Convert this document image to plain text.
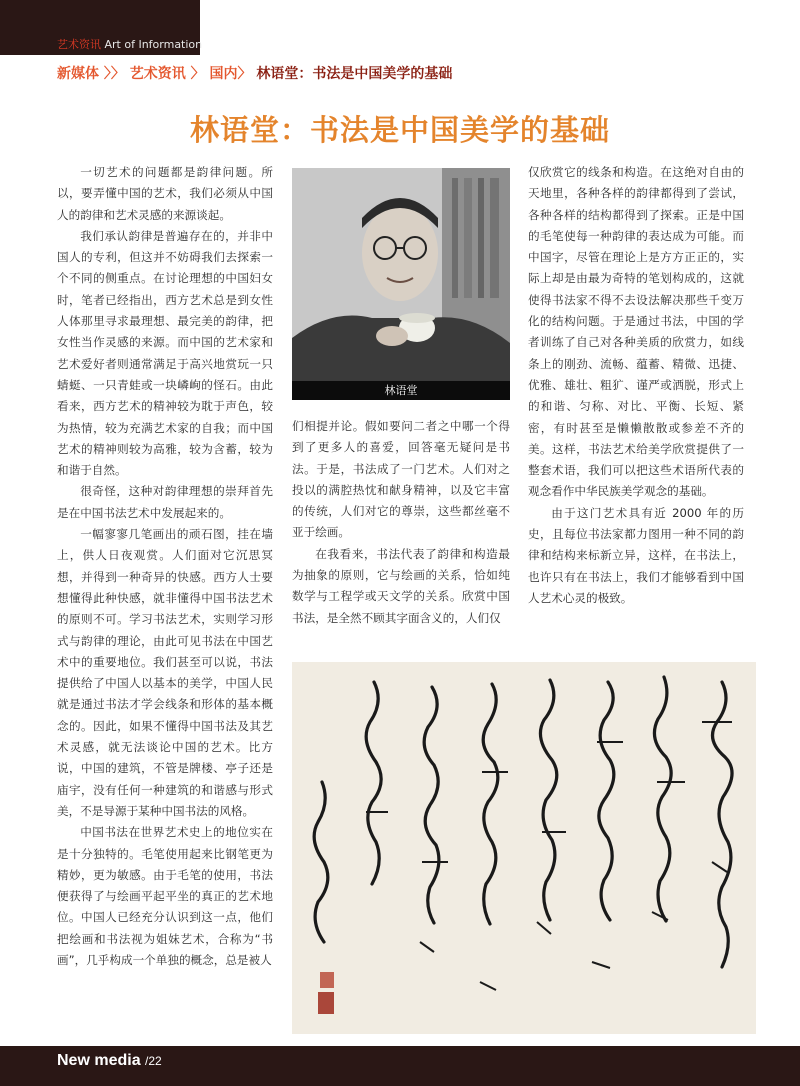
艺术资讯 Art of Information
新媒体 〉〉 艺术资讯 〉 国内〉 林语堂：书法是中国美学的基础
林语堂：书法是中国美学的基础

一切艺术的问题都是韵律问题。所以，要弄懂中国的艺术，我们必须从中国人的韵律和艺术灵感的来源谈起。

我们承认韵律是普遍存在的，并非中国人的专利，但这并不妨碍我们去探索一个不同的侧重点。在讨论理想的中国妇女时，笔者已经指出，西方艺术总是到女性人体那里寻求最理想、最完美的韵律，把女性当作灵感的来源。而中国的艺术家和艺术爱好者则通常满足于高兴地赏玩一只蜻蜓、一只青蛙或一块嶙峋的怪石。由此看来，西方艺术的精神较为耽于声色，较为热情，较为充满艺术家的自我；而中国艺术的精神则较为高雅，较为含蓄，较为和谐于自然。

很奇怪，这种对韵律理想的崇拜首先是在中国书法艺术中发展起来的。

一幅寥寥几笔画出的顽石图，挂在墙上，供人日夜观赏。人们面对它沉思冥想，并得到一种奇异的快感。西方人士要想懂得此种快感，就非懂得中国书法艺术的原则不可。学习书法艺术，实则学习形式与韵律的理论，由此可见书法在中国艺术中的重要地位。我们甚至可以说，书法提供给了中国人以基本的美学，中国人民就是通过书法才学会线条和形体的基本概念的。因此，如果不懂得中国书法及其艺术灵感，就无法谈论中国的艺术。比方说，中国的建筑，不管是牌楼、亭子还是庙宇，没有任何一种建筑的和谐感与形式美，不是导源于某种中国书法的风格。

中国书法在世界艺术史上的地位实在是十分独特的。毛笔使用起来比钢笔更为精妙，更为敏感。由于毛笔的使用，书法便获得了与绘画平起平坐的真正的艺术地位。中国人已经充分认识到这一点，他们把绘画和书法视为姐妹艺术，合称为“书画”，几乎构成一个单独的概念，总是被人

林语堂

们相提并论。假如要问二者之中哪一个得到了更多人的喜爱，回答毫无疑问是书法。于是，书法成了一门艺术。人们对之投以的满腔热忱和献身精神，以及它丰富的传统，人们对它的尊崇，这些都丝毫不亚于绘画。

在我看来，书法代表了韵律和构造最为抽象的原则，它与绘画的关系，恰如纯数学与工程学或天文学的关系。欣赏中国书法，是全然不顾其字面含义的，人们仅

仅欣赏它的线条和构造。在这绝对自由的天地里，各种各样的韵律都得到了尝试，各种各样的结构都得到了探索。正是中国的毛笔使每一种韵律的表达成为可能。而中国字，尽管在理论上是方方正正的，实际上却是由最为奇特的笔划构成的，这就使得书法家不得不去设法解决那些千变万化的结构问题。于是通过书法，中国的学者训练了自己对各种美质的欣赏力，如线条上的刚劲、流畅、蕴蓄、精微、迅捷、优雅、雄壮、粗犷、谨严或洒脱，形式上的和谐、匀称、对比、平衡、长短、紧密，有时甚至是懒懒散散或参差不齐的美。这样，书法艺术给美学欣赏提供了一整套术语，我们可以把这些术语所代表的观念看作中华民族美学观念的基础。

由于这门艺术具有近 2000 年的历史，且每位书法家都力图用一种不同的韵律和结构来标新立异，这样，在书法上，也许只有在书法上，我们才能够看到中国人艺术心灵的极致。

New media /22
